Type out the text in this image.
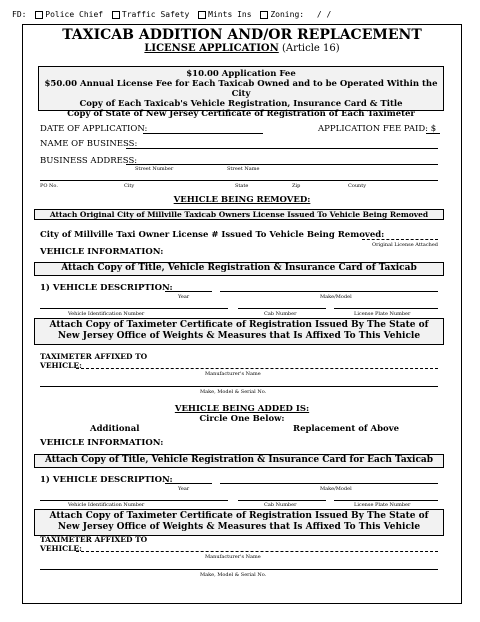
FD: Police Chief Traffic Safety Mints Ins Zoning: / /
TAXICAB ADDITION AND/OR REPLACEMENT
LICENSE APPLICATION (Article 16)
$10.00 Application Fee
$50.00 Annual License Fee for Each Taxicab Owned and to be Operated Within the City
Copy of Each Taxicab's Vehicle Registration, Insurance Card & Title
Copy of State of New Jersey Certificate of Registration of Each Taximeter
DATE OF APPLICATION:	APPLICATION FEE PAID: $
NAME OF BUSINESS:
BUSINESS ADDRESS:
Street Number	Street Name
PO No.	City	State	Zip	County
VEHICLE BEING REMOVED:
Attach Original City of Millville Taxicab Owners License Issued To Vehicle Being Removed
City of Millville Taxi Owner License # Issued To Vehicle Being Removed:
Original License Attached
VEHICLE INFORMATION:
Attach Copy of Title, Vehicle Registration & Insurance Card of Taxicab
1) VEHICLE DESCRIPTION:
Year	Make/Model
Vehicle Identification Number	Cab Number	License Plate Number
Attach Copy of Taximeter Certificate of Registration Issued By The State of New Jersey Office of Weights & Measures that Is Affixed To This Vehicle
TAXIMETER AFFIXED TO
VEHICLE:
Manufacturer's Name
Make, Model & Serial No.
VEHICLE BEING ADDED IS:
Circle One Below:
Additional	Replacement of Above
VEHICLE INFORMATION:
Attach Copy of Title, Vehicle Registration & Insurance Card for Each Taxicab
1) VEHICLE DESCRIPTION:
Year	Make/Model
Vehicle Identification Number	Cab Number	License Plate Number
Attach Copy of Taximeter Certificate of Registration Issued By The State of New Jersey Office of Weights & Measures that Is Affixed To This Vehicle
TAXIMETER AFFIXED TO
VEHICLE:
Manufacturer's Name
Make, Model & Serial No.
